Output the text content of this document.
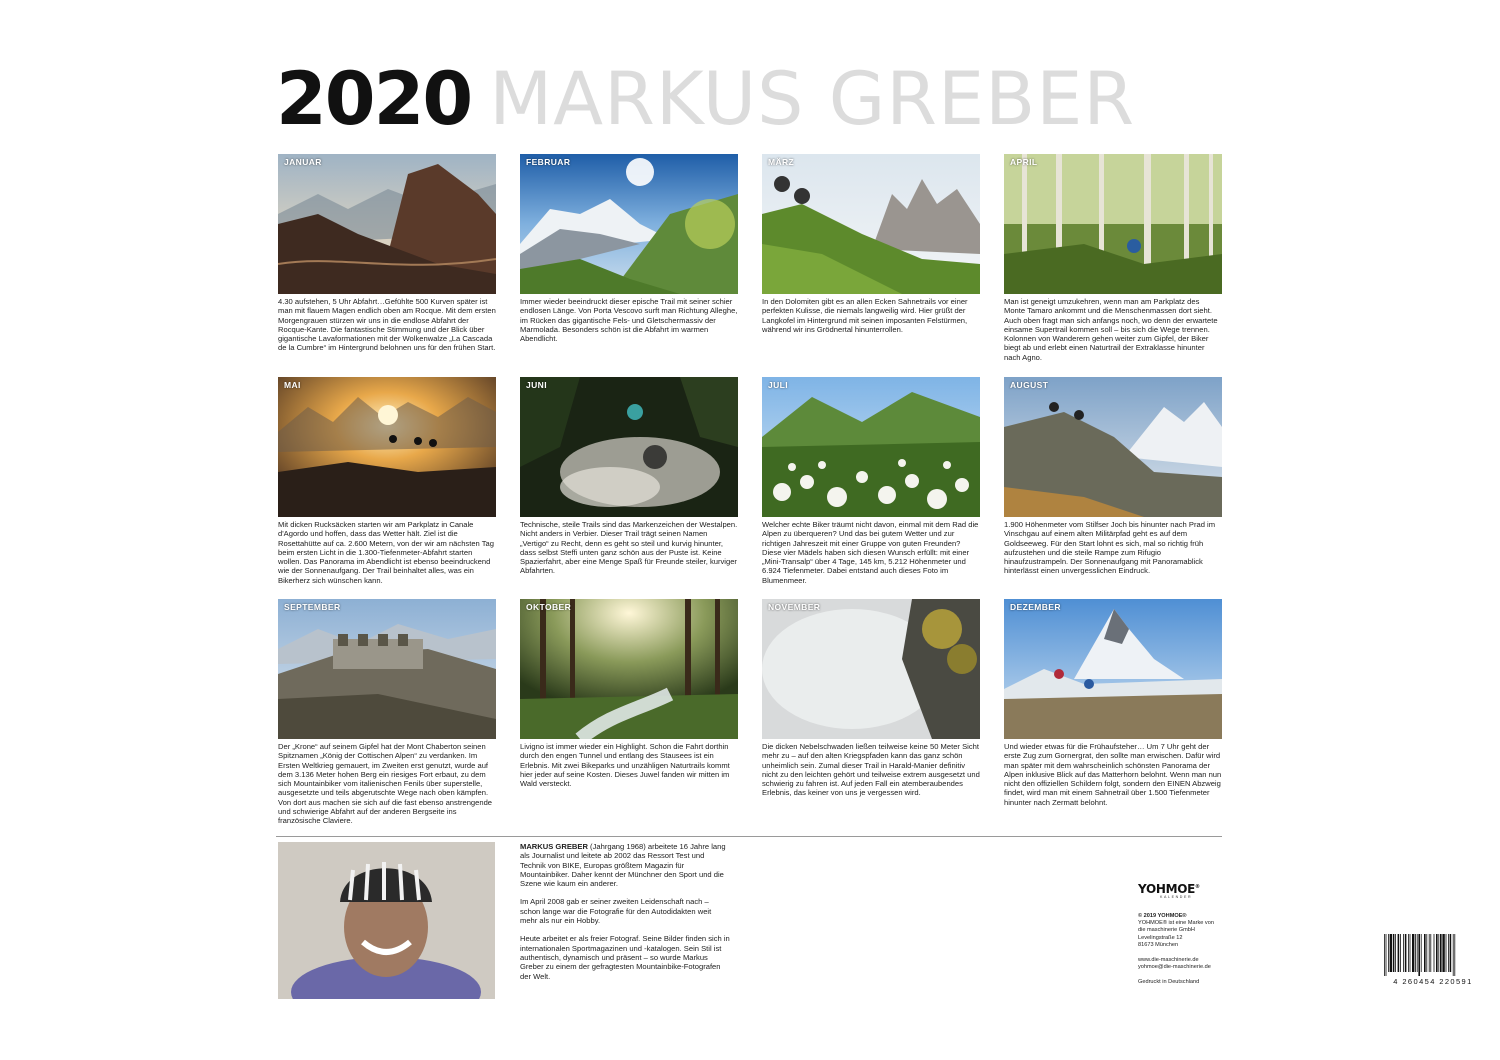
2020 MARKUS GREBER
JANUAR
4.30 aufstehen, 5 Uhr Abfahrt…Gefühlte 500 Kurven später ist man mit flauem Magen endlich oben am Rocque. Mit dem ersten Morgengrauen stürzen wir uns in die endlose Abfahrt der Rocque-Kante. Die fantastische Stimmung und der Blick über gigantische Lavaformationen mit der Wolkenwalze „La Cascada de la Cumbre“ im Hintergrund belohnen uns für den frühen Start.
FEBRUAR
Immer wieder beeindruckt dieser epische Trail mit seiner schier endlosen Länge. Von Porta Vescovo surft man Richtung Alleghe, im Rücken das gigantische Fels- und Gletschermassiv der Marmolada. Besonders schön ist die Abfahrt im warmen Abendlicht.
MÄRZ
In den Dolomiten gibt es an allen Ecken Sahnetrails vor einer perfekten Kulisse, die niemals langweilig wird. Hier grüßt der Langkofel im Hintergrund mit seinen imposanten Felstürmen, während wir ins Grödnertal hinunterrollen.
APRIL
Man ist geneigt umzukehren, wenn man am Parkplatz des Monte Tamaro ankommt und die Menschenmassen dort sieht. Auch oben fragt man sich anfangs noch, wo denn der erwartete einsame Supertrail kommen soll – bis sich die Wege trennen. Kolonnen von Wanderern gehen weiter zum Gipfel, der Biker biegt ab und erlebt einen Naturtrail der Extraklasse hinunter nach Agno.
MAI
Mit dicken Rucksäcken starten wir am Parkplatz in Canale d'Agordo und hoffen, dass das Wetter hält. Ziel ist die Rosettahütte auf ca. 2.600 Metern, von der wir am nächsten Tag beim ersten Licht in die 1.300-Tiefenmeter-Abfahrt starten wollen. Das Panorama im Abendlicht ist ebenso beeindruckend wie der Sonnenaufgang. Der Trail beinhaltet alles, was ein Bikerherz sich wünschen kann.
JUNI
Technische, steile Trails sind das Markenzeichen der Westalpen. Nicht anders in Verbier. Dieser Trail trägt seinen Namen „Vertigo“ zu Recht, denn es geht so steil und kurvig hinunter, dass selbst Steffi unten ganz schön aus der Puste ist. Keine Spazierfahrt, aber eine Menge Spaß für Freunde steiler, kurviger Abfahrten.
JULI
Welcher echte Biker träumt nicht davon, einmal mit dem Rad die Alpen zu überqueren? Und das bei gutem Wetter und zur richtigen Jahreszeit mit einer Gruppe von guten Freunden? Diese vier Mädels haben sich diesen Wunsch erfüllt: mit einer „Mini-Transalp“ über 4 Tage, 145 km, 5.212 Höhenmeter und 6.924 Tiefenmeter. Dabei entstand auch dieses Foto im Blumenmeer.
AUGUST
1.900 Höhenmeter vom Stilfser Joch bis hinunter nach Prad im Vinschgau auf einem alten Militärpfad geht es auf dem Goldseeweg. Für den Start lohnt es sich, mal so richtig früh aufzustehen und die steile Rampe zum Rifugio hinaufzustrampeln. Der Sonnenaufgang mit Panoramablick hinterlässt einen unvergesslichen Eindruck.
SEPTEMBER
Der „Krone“ auf seinem Gipfel hat der Mont Chaberton seinen Spitznamen „König der Cottischen Alpen“ zu verdanken. Im Ersten Weltkrieg gemauert, im Zweiten erst genutzt, wurde auf dem 3.136 Meter hohen Berg ein riesiges Fort erbaut, zu dem sich Mountainbiker vom italienischen Fenils über superstelle, ausgesetzte und teils abgerutschte Wege nach oben kämpfen. Von dort aus machen sie sich auf die fast ebenso anstrengende und schwierige Abfahrt auf der anderen Bergseite ins französische Claviere.
OKTOBER
Livigno ist immer wieder ein Highlight. Schon die Fahrt dorthin durch den engen Tunnel und entlang des Stausees ist ein Erlebnis. Mit zwei Bikeparks und unzähligen Naturtrails kommt hier jeder auf seine Kosten. Dieses Juwel fanden wir mitten im Wald versteckt.
NOVEMBER
Die dicken Nebelschwaden ließen teilweise keine 50 Meter Sicht mehr zu – auf den alten Kriegspfaden kann das ganz schön unheimlich sein. Zumal dieser Trail in Harald-Manier definitiv nicht zu den leichten gehört und teilweise extrem ausgesetzt und schwierig zu fahren ist. Auf jeden Fall ein atemberaubendes Erlebnis, das keiner von uns je vergessen wird.
DEZEMBER
Und wieder etwas für die Frühaufsteher… Um 7 Uhr geht der erste Zug zum Gornergrat, den sollte man erwischen. Dafür wird man später mit dem wahrscheinlich schönsten Panorama der Alpen inklusive Blick auf das Matterhorn belohnt. Wenn man nun nicht den offiziellen Schildern folgt, sondern den EINEN Abzweig findet, wird man mit einem Sahnetrail über 1.500 Tiefenmeter hinunter nach Zermatt belohnt.

MARKUS GREBER (Jahrgang 1968) arbeitete 16 Jahre lang als Journalist und leitete ab 2002 das Ressort Test und Technik von BIKE, Europas größtem Magazin für Mountainbiker. Daher kennt der Münchner den Sport und die Szene wie kaum ein anderer.

Im April 2008 gab er seiner zweiten Leidenschaft nach – schon lange war die Fotografie für den Autodidakten weit mehr als nur ein Hobby.

Heute arbeitet er als freier Fotograf. Seine Bilder finden sich in internationalen Sportmagazinen und -katalogen. Sein Stil ist authentisch, dynamisch und präsent – so wurde Markus Greber zu einem der gefragtesten Mountainbike-Fotografen der Welt.

YOHMOE®
KALENDER
© 2019 YOHMOE®
YOHMOE® ist eine Marke von
die maschinerie GmbH
Levelingstraße 12
81673 München
www.die-maschinerie.de
yohmoe@die-maschinerie.de
Gedruckt in Deutschland	4 260454 220591
